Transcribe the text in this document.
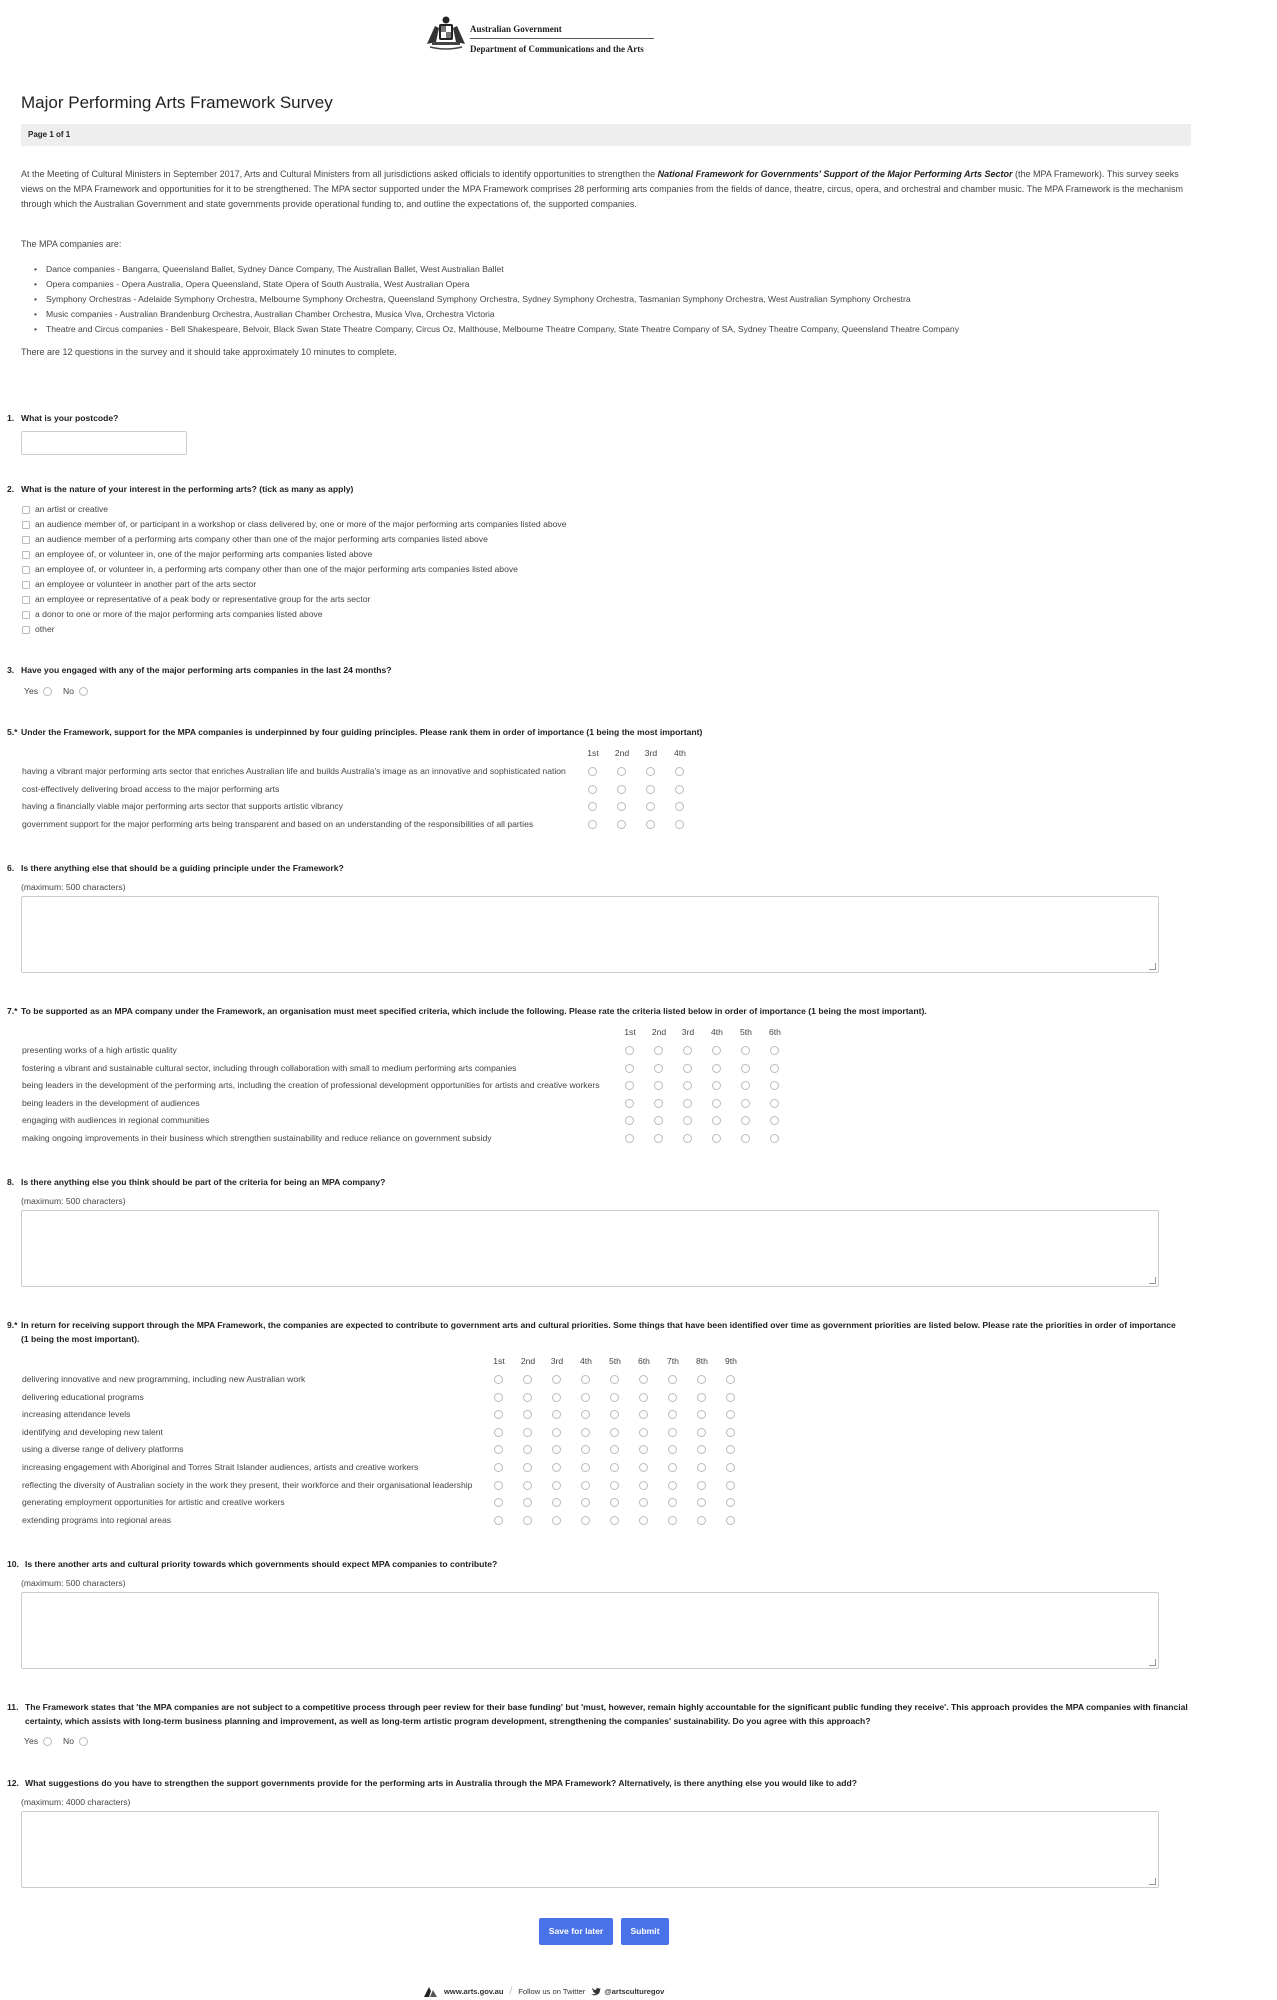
Australian Government
Department of Communications and the Arts
Major Performing Arts Framework Survey
Page 1 of 1

At the Meeting of Cultural Ministers in September 2017, Arts and Cultural Ministers from all jurisdictions asked officials to identify opportunities to strengthen the National Framework for Governments' Support of the Major Performing Arts Sector (the MPA Framework). This survey seeks views on the MPA Framework and opportunities for it to be strengthened. The MPA sector supported under the MPA Framework comprises 28 performing arts companies from the fields of dance, theatre, circus, opera, and orchestral and chamber music. The MPA Framework is the mechanism through which the Australian Government and state governments provide operational funding to, and outline the expectations of, the supported companies.

The MPA companies are:
• Dance companies - Bangarra, Queensland Ballet, Sydney Dance Company, The Australian Ballet, West Australian Ballet
• Opera companies - Opera Australia, Opera Queensland, State Opera of South Australia, West Australian Opera
• Symphony Orchestras - Adelaide Symphony Orchestra, Melbourne Symphony Orchestra, Queensland Symphony Orchestra, Sydney Symphony Orchestra, Tasmanian Symphony Orchestra, West Australian Symphony Orchestra
• Music companies - Australian Brandenburg Orchestra, Australian Chamber Orchestra, Musica Viva, Orchestra Victoria
• Theatre and Circus companies - Bell Shakespeare, Belvoir, Black Swan State Theatre Company, Circus Oz, Malthouse, Melbourne Theatre Company, State Theatre Company of SA, Sydney Theatre Company, Queensland Theatre Company
There are 12 questions in the survey and it should take approximately 10 minutes to complete.
1. What is your postcode?
2. What is the nature of your interest in the performing arts? (tick as many as apply)
an artist or creative
an audience member of, or participant in a workshop or class delivered by, one or more of the major performing arts companies listed above
an audience member of a performing arts company other than one of the major performing arts companies listed above
an employee of, or volunteer in, one of the major performing arts companies listed above
an employee of, or volunteer in, a performing arts company other than one of the major performing arts companies listed above
an employee or volunteer in another part of the arts sector
an employee or representative of a peak body or representative group for the arts sector
a donor to one or more of the major performing arts companies listed above
other
3. Have you engaged with any of the major performing arts companies in the last 24 months?
Yes	No
5.* Under the Framework, support for the MPA companies is underpinned by four guiding principles. Please rank them in order of importance (1 being the most important)
1st	2nd	3rd	4th
having a vibrant major performing arts sector that enriches Australian life and builds Australia's image as an innovative and sophisticated nation
cost-effectively delivering broad access to the major performing arts
having a financially viable major performing arts sector that supports artistic vibrancy
government support for the major performing arts being transparent and based on an understanding of the responsibilities of all parties
6. Is there anything else that should be a guiding principle under the Framework?
(maximum: 500 characters)
7.* To be supported as an MPA company under the Framework, an organisation must meet specified criteria, which include the following. Please rate the criteria listed below in order of importance (1 being the most important).
1st	2nd	3rd	4th	5th	6th
presenting works of a high artistic quality
fostering a vibrant and sustainable cultural sector, including through collaboration with small to medium performing arts companies
being leaders in the development of the performing arts, including the creation of professional development opportunities for artists and creative workers
being leaders in the development of audiences
engaging with audiences in regional communities
making ongoing improvements in their business which strengthen sustainability and reduce reliance on government subsidy
8. Is there anything else you think should be part of the criteria for being an MPA company?
(maximum: 500 characters)
9.* In return for receiving support through the MPA Framework, the companies are expected to contribute to government arts and cultural priorities. Some things that have been identified over time as government priorities are listed below. Please rate the priorities in order of importance (1 being the most important).
1st	2nd	3rd	4th	5th	6th	7th	8th	9th
delivering innovative and new programming, including new Australian work
delivering educational programs
increasing attendance levels
identifying and developing new talent
using a diverse range of delivery platforms
increasing engagement with Aboriginal and Torres Strait Islander audiences, artists and creative workers
reflecting the diversity of Australian society in the work they present, their workforce and their organisational leadership
generating employment opportunities for artistic and creative workers
extending programs into regional areas
10. Is there another arts and cultural priority towards which governments should expect MPA companies to contribute?
(maximum: 500 characters)
11. The Framework states that 'the MPA companies are not subject to a competitive process through peer review for their base funding' but 'must, however, remain highly accountable for the significant public funding they receive'. This approach provides the MPA companies with financial certainty, which assists with long-term business planning and improvement, as well as long-term artistic program development, strengthening the companies' sustainability. Do you agree with this approach?
Yes	No
12. What suggestions do you have to strengthen the support governments provide for the performing arts in Australia through the MPA Framework? Alternatively, is there anything else you would like to add?
(maximum: 4000 characters)
Save for later	Submit
www.arts.gov.au / Follow us on Twitter	@artsculturegov
